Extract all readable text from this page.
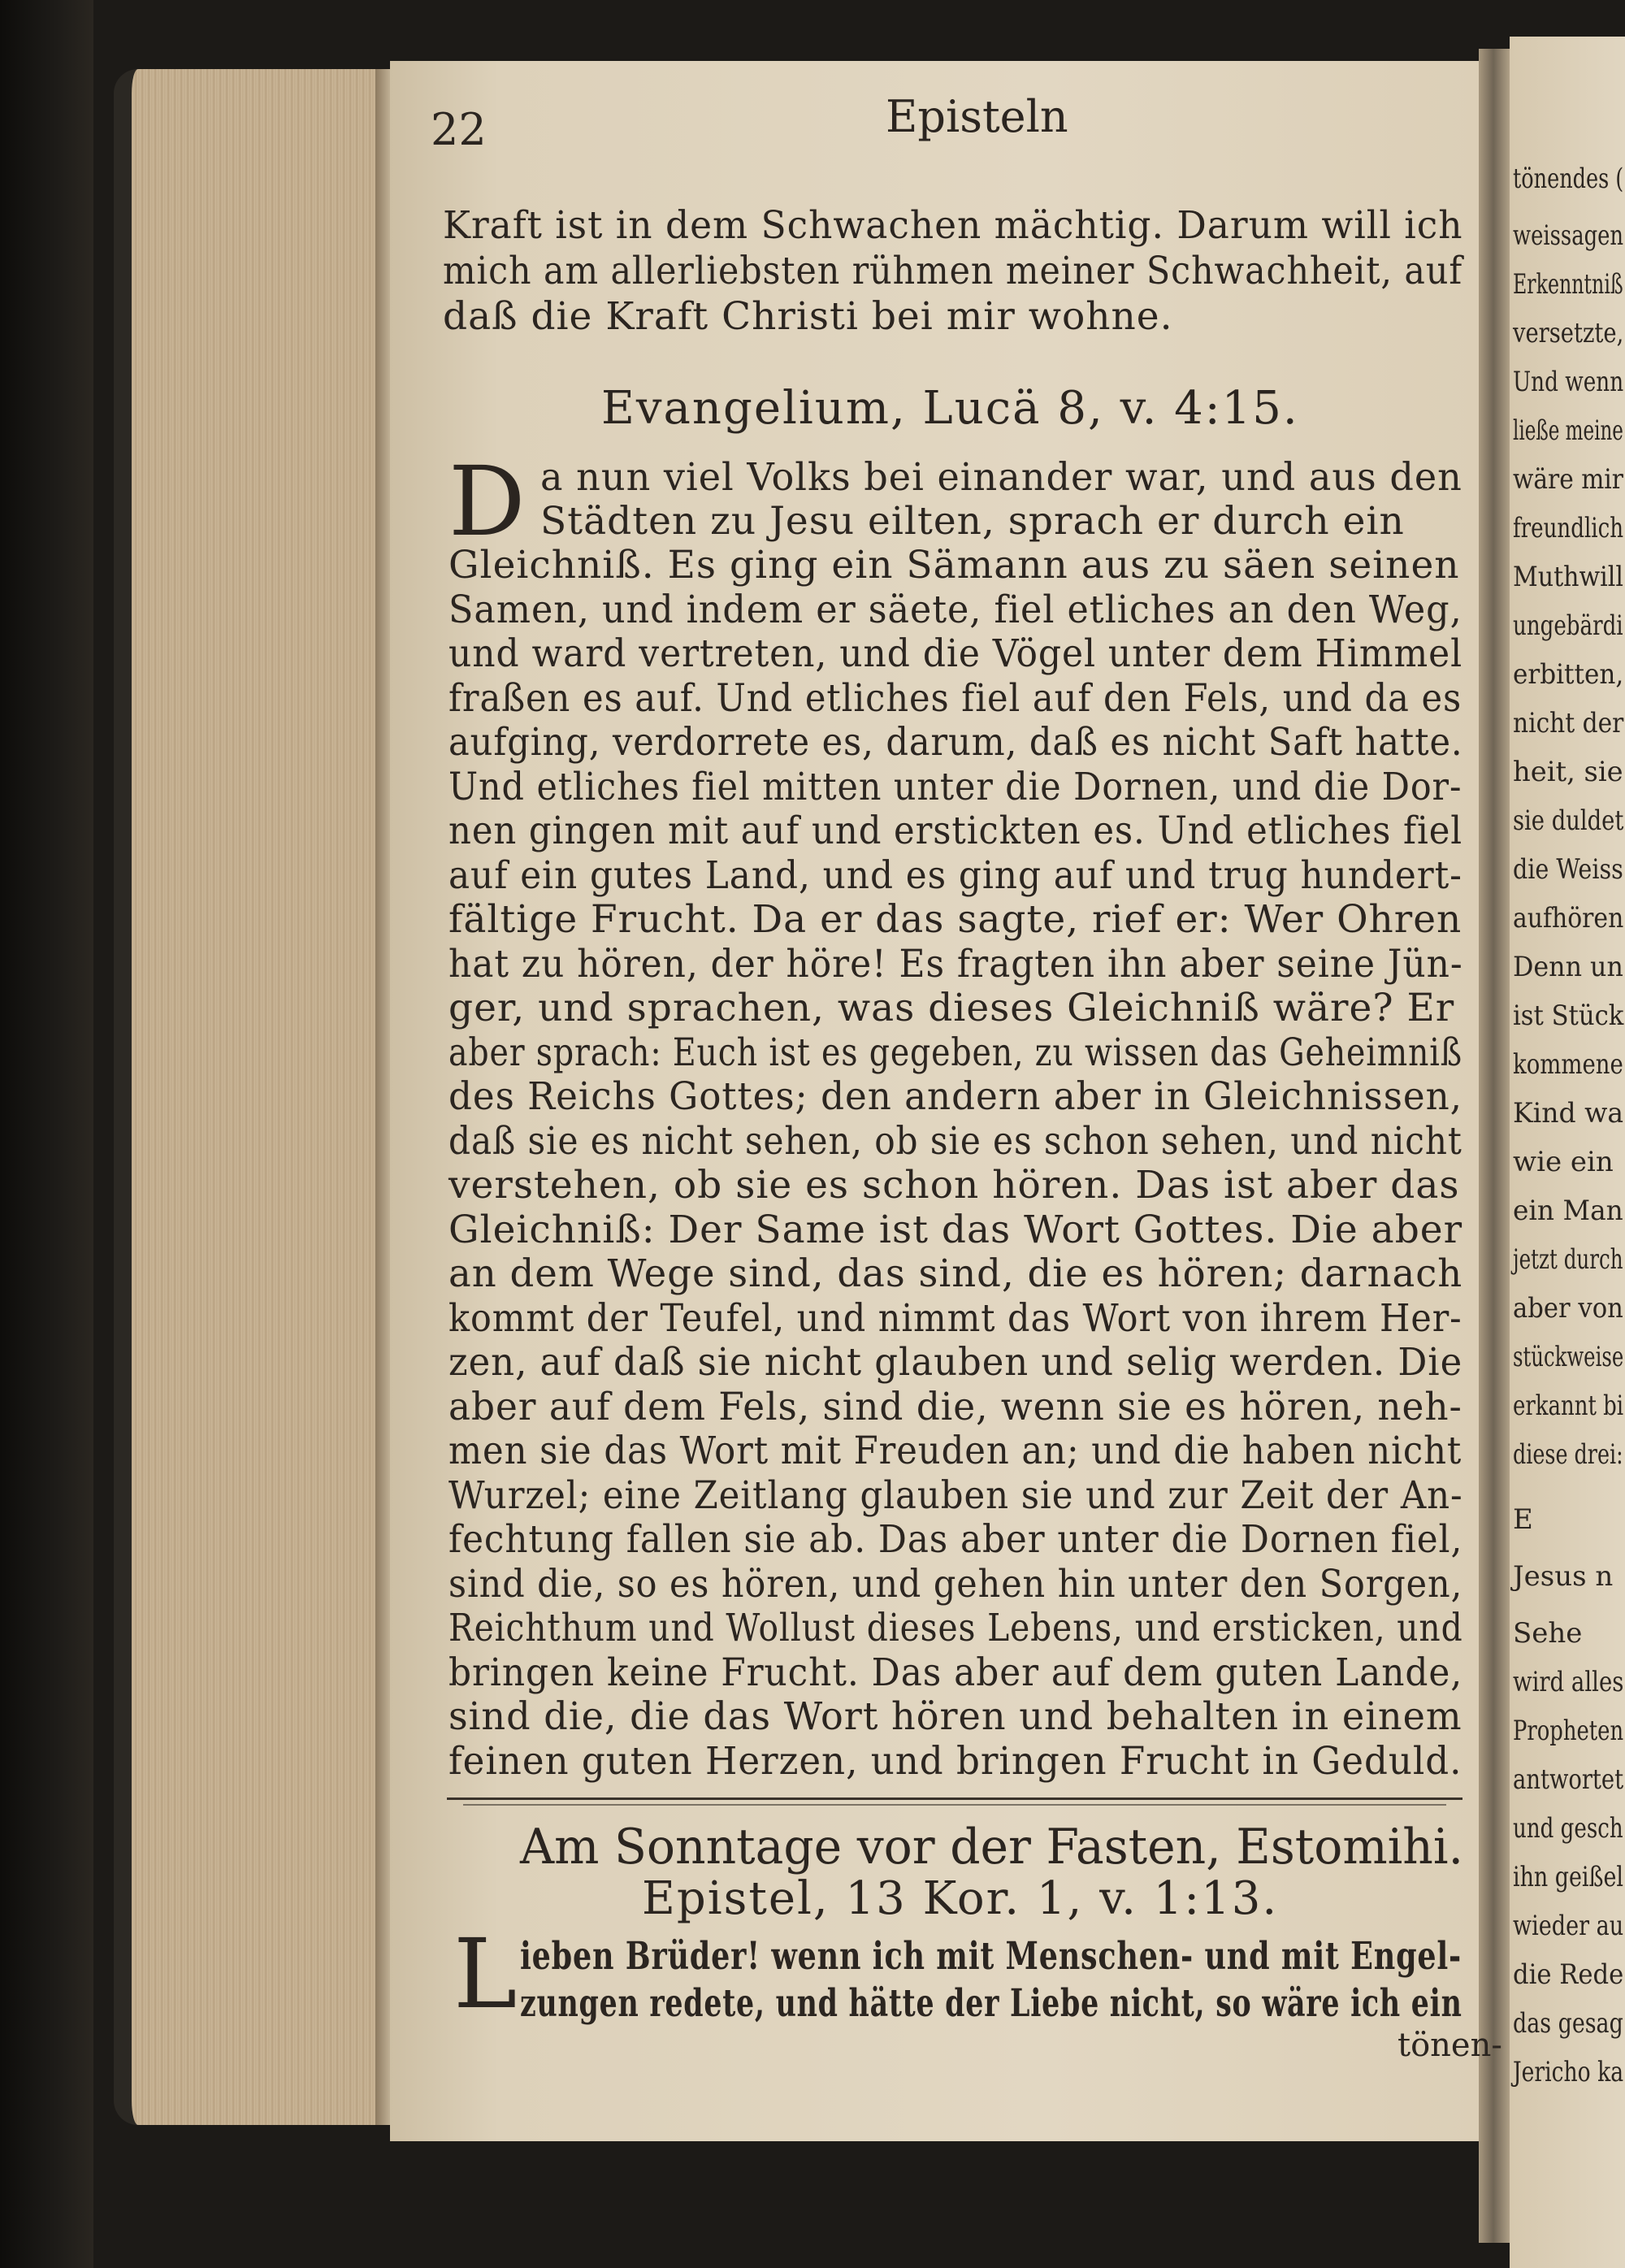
tönendes (
weissagen
Erkenntniß
versetzte,
Und wenn
ließe meine
wäre mir
freundlich
Muthwill
ungebärdi
erbitten,
nicht der
heit, sie
sie duldet
die Weiss
aufhören
Denn un
ist Stück
kommene
Kind wa
wie ein
ein Man
jetzt durch
aber von
stückweise
erkannt bi
diese drei:
E
Jesus n
Sehe
wird alles
Propheten
antwortet
und gesch
ihn geißel
wieder au
die Rede
das gesag
Jericho ka
22	Episteln
Kraft ist in dem Schwachen mächtig. Darum will ich
mich am allerliebsten rühmen meiner Schwachheit, auf
daß die Kraft Christi bei mir wohne.
Evangelium, Lucä 8, v. 4:15.
D a nun viel Volks bei einander war, und aus den
Städten zu Jesu eilten, sprach er durch ein
Gleichniß. Es ging ein Sämann aus zu säen seinen
Samen, und indem er säete, fiel etliches an den Weg,
und ward vertreten, und die Vögel unter dem Himmel
fraßen es auf. Und etliches fiel auf den Fels, und da es
aufging, verdorrete es, darum, daß es nicht Saft hatte.
Und etliches fiel mitten unter die Dornen, und die Dor-
nen gingen mit auf und erstickten es. Und etliches fiel
auf ein gutes Land, und es ging auf und trug hundert-
fältige Frucht. Da er das sagte, rief er: Wer Ohren
hat zu hören, der höre! Es fragten ihn aber seine Jün-
ger, und sprachen, was dieses Gleichniß wäre? Er
aber sprach: Euch ist es gegeben, zu wissen das Geheimniß
des Reichs Gottes; den andern aber in Gleichnissen,
daß sie es nicht sehen, ob sie es schon sehen, und nicht
verstehen, ob sie es schon hören. Das ist aber das
Gleichniß: Der Same ist das Wort Gottes. Die aber
an dem Wege sind, das sind, die es hören; darnach
kommt der Teufel, und nimmt das Wort von ihrem Her-
zen, auf daß sie nicht glauben und selig werden. Die
aber auf dem Fels, sind die, wenn sie es hören, neh-
men sie das Wort mit Freuden an; und die haben nicht
Wurzel; eine Zeitlang glauben sie und zur Zeit der An-
fechtung fallen sie ab. Das aber unter die Dornen fiel,
sind die, so es hören, und gehen hin unter den Sorgen,
Reichthum und Wollust dieses Lebens, und ersticken, und
bringen keine Frucht. Das aber auf dem guten Lande,
sind die, die das Wort hören und behalten in einem
feinen guten Herzen, und bringen Frucht in Geduld.
Am Sonntage vor der Fasten, Estomihi.
Epistel, 13 Kor. 1, v. 1:13.
L ieben Brüder! wenn ich mit Menschen- und mit Engel-
zungen redete, und hätte der Liebe nicht, so wäre ich ein
tönen-
